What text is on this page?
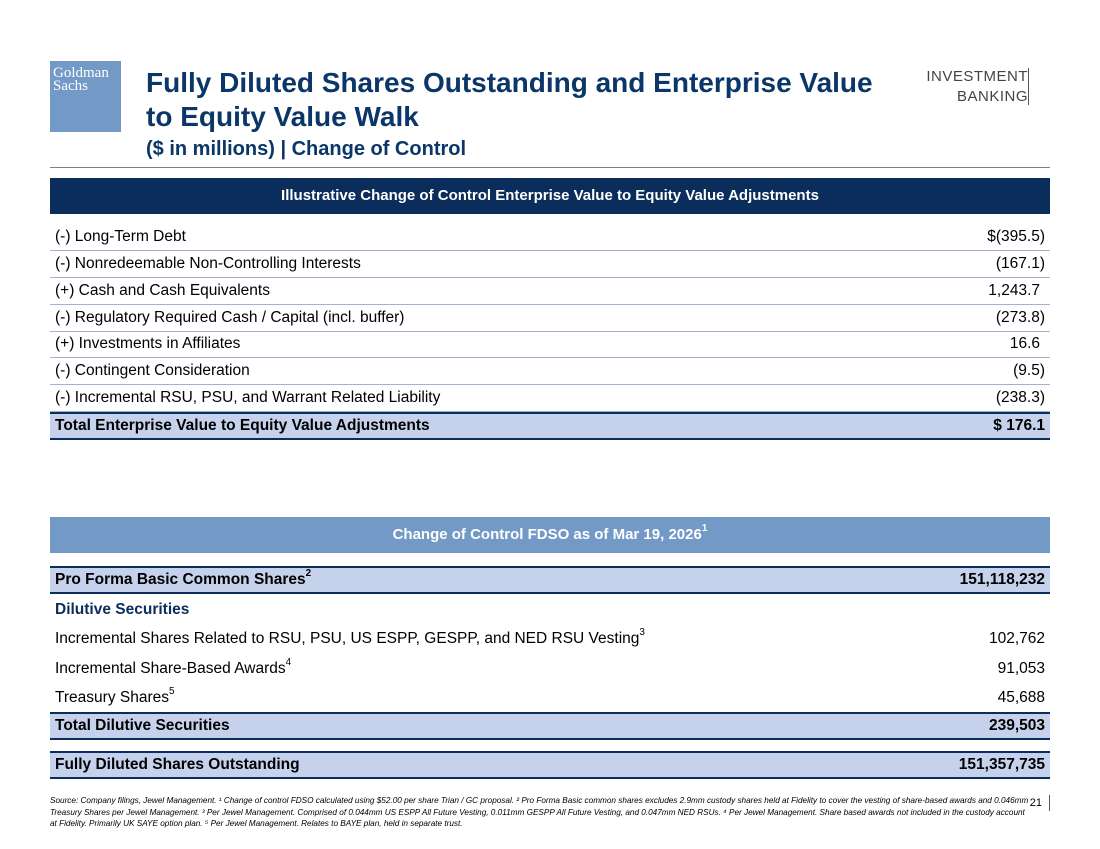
Goldman Sachs	Fully Diluted Shares Outstanding and Enterprise Value to Equity Value Walk
($ in millions) | Change of Control
INVESTMENT
BANKING
Illustrative Change of Control Enterprise Value to Equity Value Adjustments
(-) Long-Term Debt	$(395.5)
(-) Nonredeemable Non-Controlling Interests	(167.1)
(+) Cash and Cash Equivalents	1,243.7
(-) Regulatory Required Cash / Capital (incl. buffer)	(273.8)
(+) Investments in Affiliates	16.6
(-) Contingent Consideration	(9.5)
(-) Incremental RSU, PSU, and Warrant Related Liability	(238.3)
Total Enterprise Value to Equity Value Adjustments	$ 176.1
Change of Control FDSO as of Mar 19, 2026$^1$
Pro Forma Basic Common Shares$^2$	151,118,232
Dilutive Securities
Incremental Shares Related to RSU, PSU, US ESPP, GESPP, and NED RSU Vesting$^3$	102,762
Incremental Share-Based Awards$^4$	91,053
Treasury Shares$^5$	45,688
Total Dilutive Securities	239,503
Fully Diluted Shares Outstanding	151,357,735
Source: Company filings, Jewel Management. ¹ Change of control FDSO calculated using $52.00 per share Trian / GC proposal. ² Pro Forma Basic common shares excludes 2.9mm custody shares held at Fidelity to cover the vesting of share-based awards and 0.046mm Treasury Shares per Jewel Management. ³ Per Jewel Management. Comprised of 0.044mm US ESPP All Future Vesting, 0.011mm GESPP All Future Vesting, and 0.047mm NED RSUs. ⁴ Per Jewel Management. Share based awards not included in the custody account at Fidelity. Primarily UK SAYE option plan. ⁵ Per Jewel Management. Relates to BAYE plan, held in separate trust.
21
